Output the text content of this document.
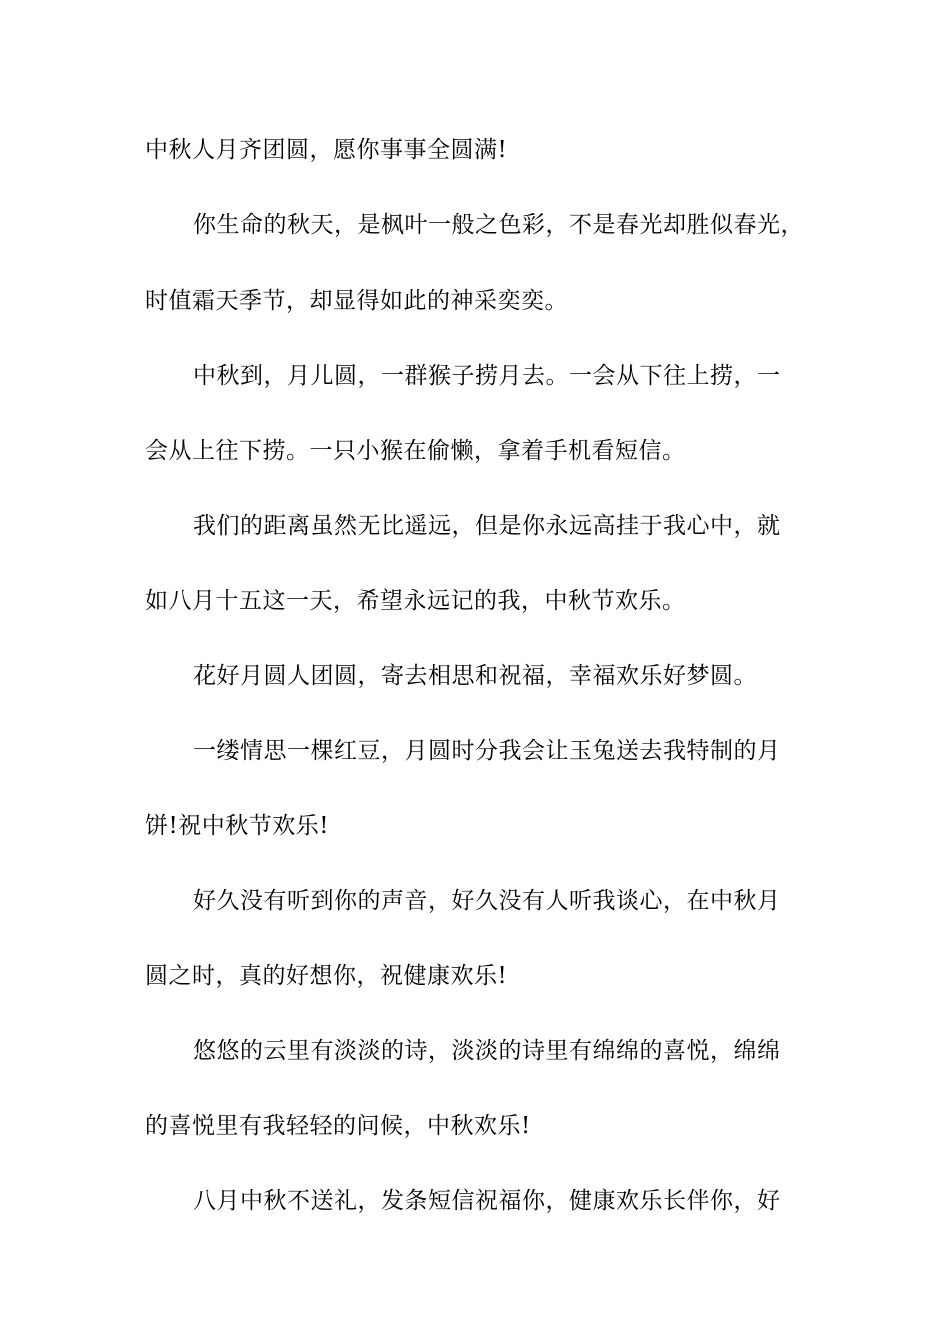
中秋人月齐团圆，愿你事事全圆满!
你生命的秋天，是枫叶一般之色彩，不是春光却胜似春光，
时值霜天季节，却显得如此的神采奕奕。
中秋到，月儿圆，一群猴子捞月去。一会从下往上捞，一
会从上往下捞。一只小猴在偷懒，拿着手机看短信。
我们的距离虽然无比遥远，但是你永远高挂于我心中，就
如八月十五这一天，希望永远记的我，中秋节欢乐。
花好月圆人团圆，寄去相思和祝福，幸福欢乐好梦圆。
一缕情思一棵红豆，月圆时分我会让玉兔送去我特制的月
饼!祝中秋节欢乐!
好久没有听到你的声音，好久没有人听我谈心，在中秋月
圆之时，真的好想你，祝健康欢乐!
悠悠的云里有淡淡的诗，淡淡的诗里有绵绵的喜悦，绵绵
的喜悦里有我轻轻的问候，中秋欢乐!
八月中秋不送礼，发条短信祝福你，健康欢乐长伴你，好
